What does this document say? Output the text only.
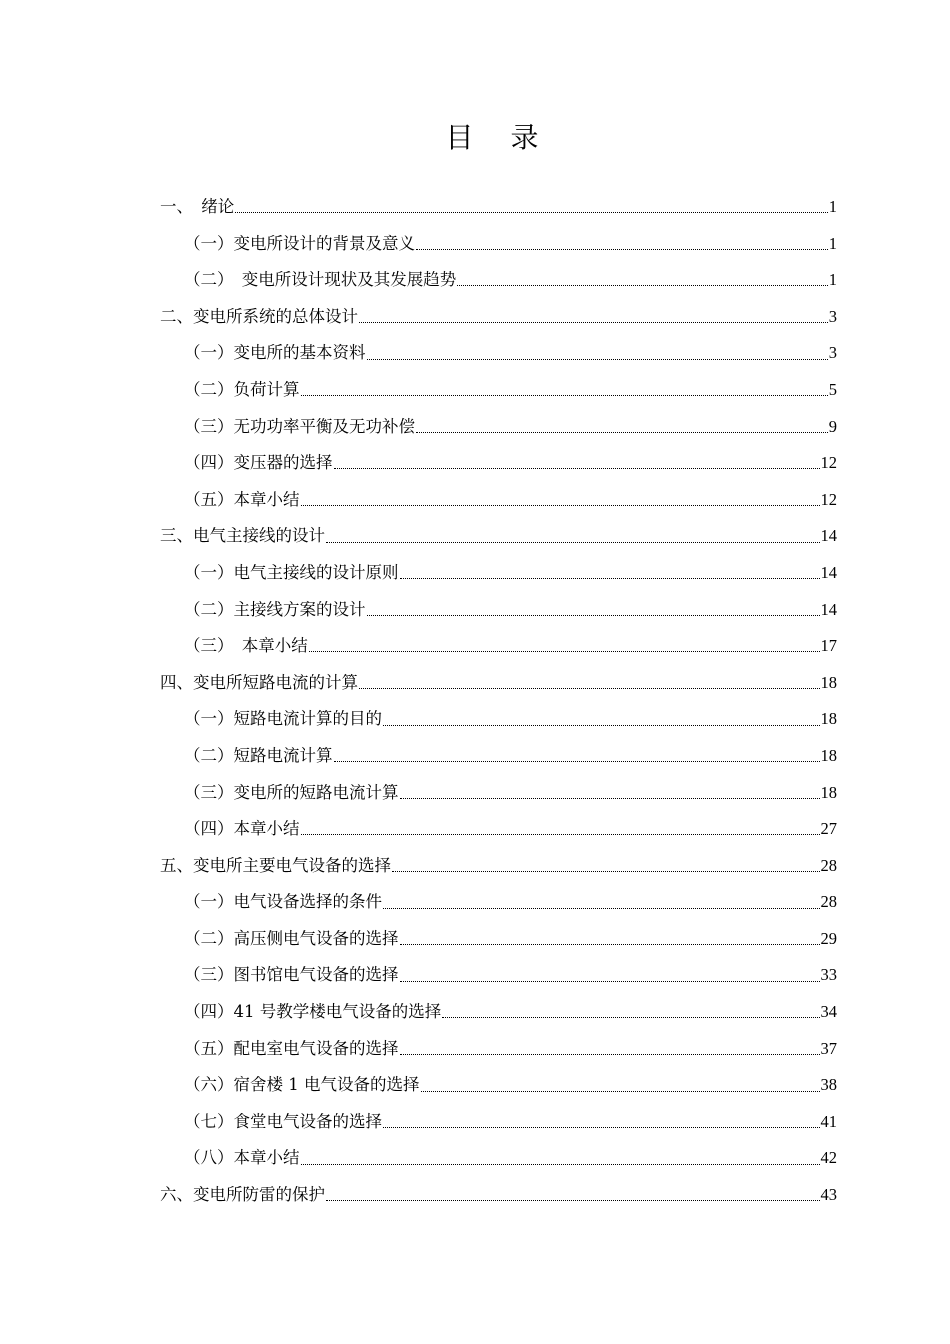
目 录
一、　绪论	1
（一）变电所设计的背景及意义	1
（二）　变电所设计现状及其发展趋势	1
二、变电所系统的总体设计	3
（一）变电所的基本资料	3
（二）负荷计算	5
（三）无功功率平衡及无功补偿	9
（四）变压器的选择	12
（五）本章小结	12
三、电气主接线的设计	14
（一）电气主接线的设计原则	14
（二）主接线方案的设计	14
（三）　本章小结	17
四、变电所短路电流的计算	18
（一）短路电流计算的目的	18
（二）短路电流计算	18
（三）变电所的短路电流计算	18
（四）本章小结	27
五、变电所主要电气设备的选择	28
（一）电气设备选择的条件	28
（二）高压侧电气设备的选择	29
（三）图书馆电气设备的选择	33
（四）41 号教学楼电气设备的选择	34
（五）配电室电气设备的选择	37
（六）宿舍楼 1 电气设备的选择	38
（七）食堂电气设备的选择	41
（八）本章小结	42
六、变电所防雷的保护	43
